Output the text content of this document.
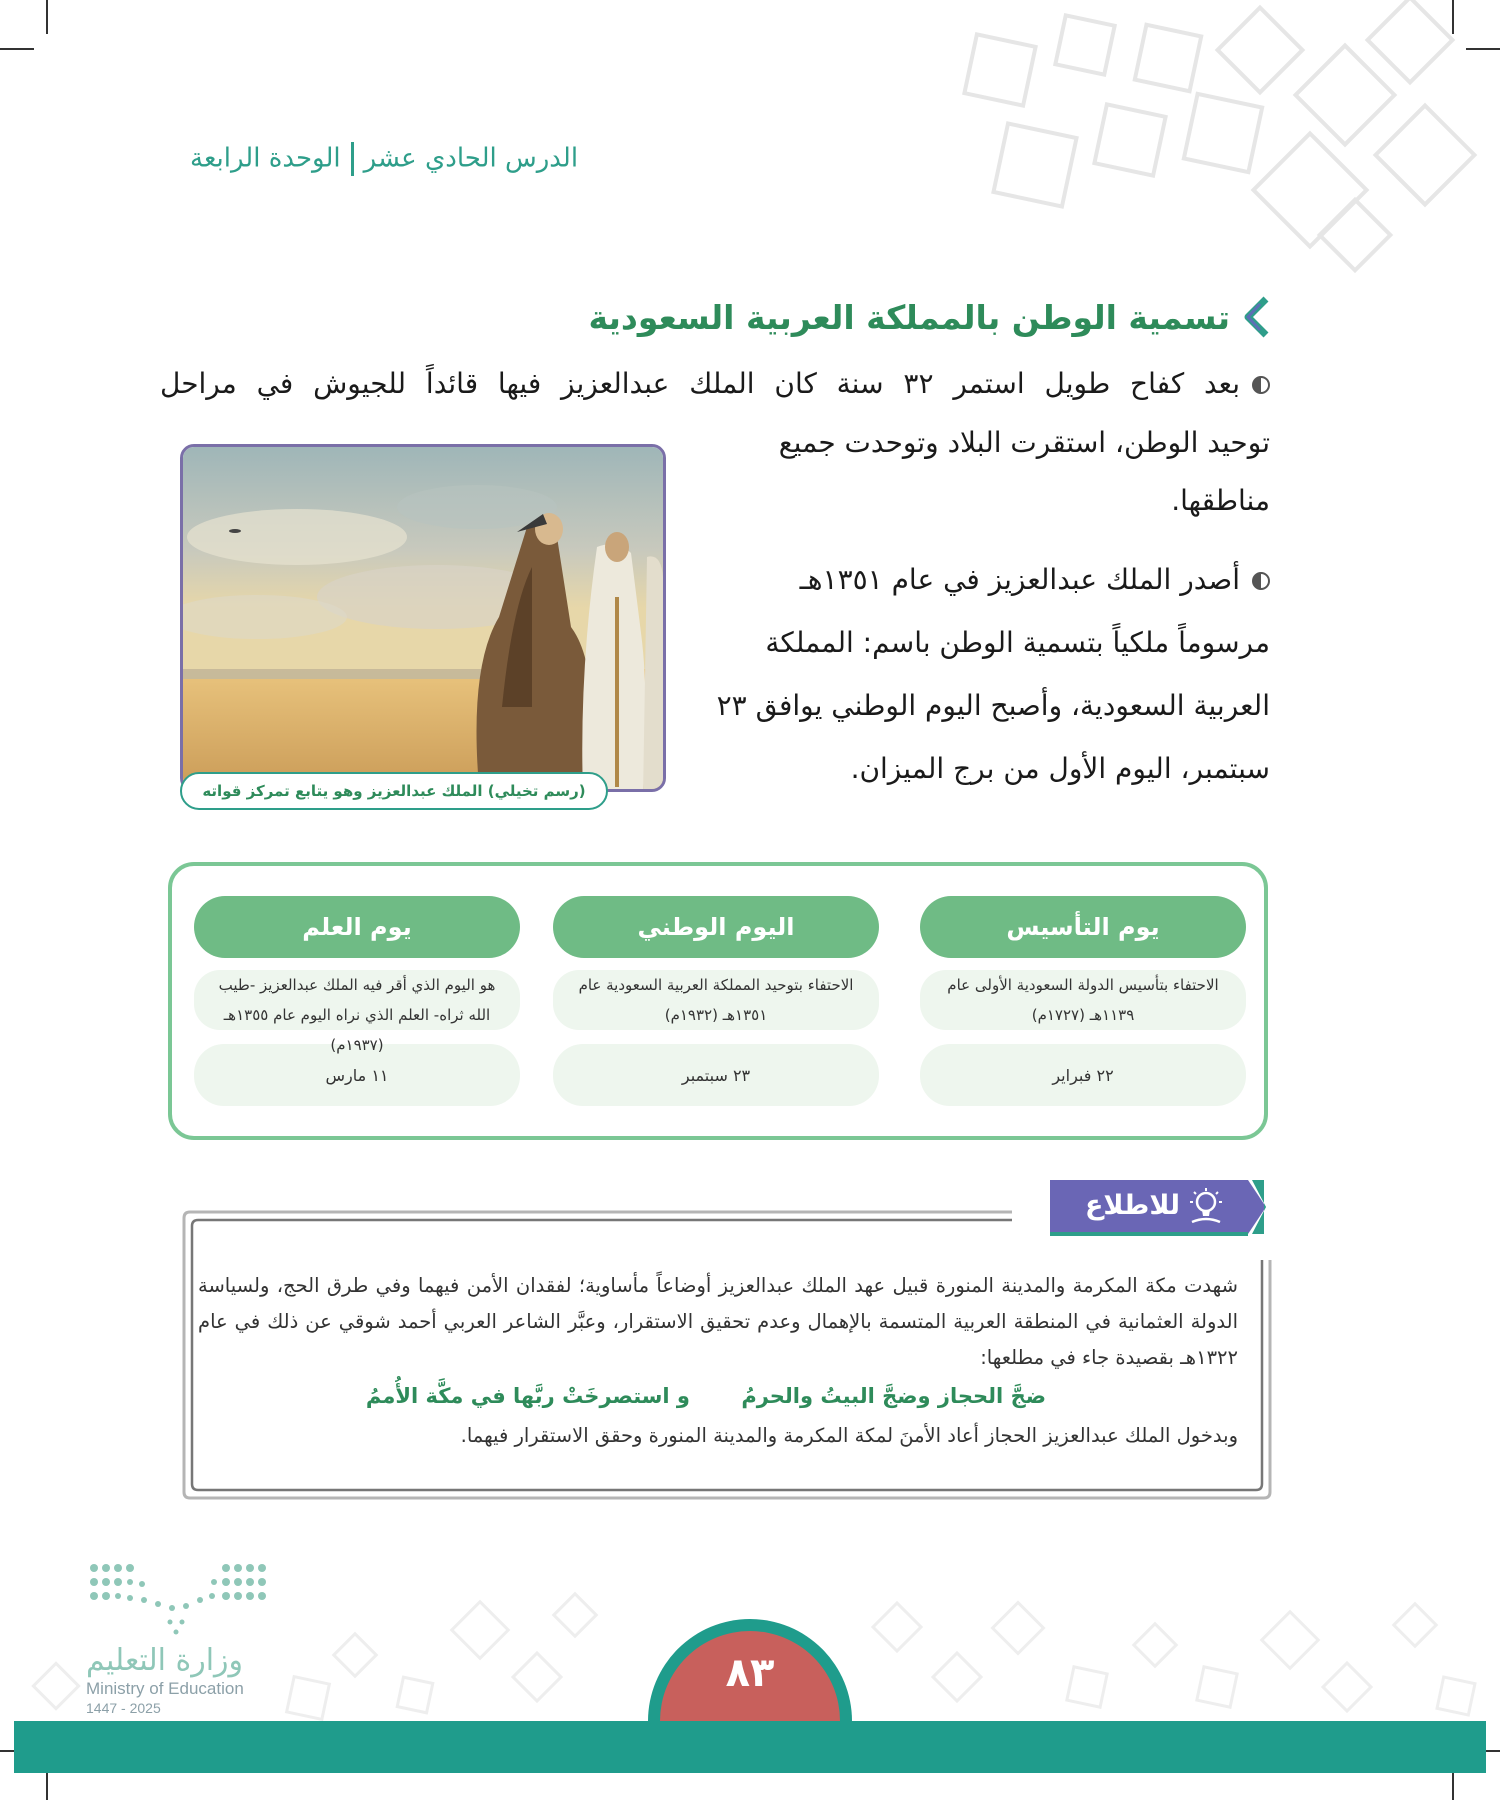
الدرس الحادي عشرالوحدة الرابعة
تسمية الوطن بالمملكة العربية السعودية
بعد كفاح طويل استمر ٣٢ سنة كان الملك عبدالعزيز فيها قائداً للجيوش في مراحل
توحيد الوطن، استقرت البلاد وتوحدت جميع مناطقها.
أصدر الملك عبدالعزيز في عام ١٣٥١هـ مرسوماً ملكياً بتسمية الوطن باسم: المملكة العربية السعودية، وأصبح اليوم الوطني يوافق ٢٣ سبتمبر، اليوم الأول من برج الميزان.
(رسم تخيلي) الملك عبدالعزيز وهو يتابع تمركز قواته
يوم التأسيس
الاحتفاء بتأسيس الدولة السعودية الأولى عام ١١٣٩هـ (١٧٢٧م)
٢٢ فبراير
اليوم الوطني
الاحتفاء بتوحيد المملكة العربية السعودية عام ١٣٥١هـ (١٩٣٢م)
٢٣ سبتمبر
يوم العلم
هو اليوم الذي أقر فيه الملك عبدالعزيز -طيب الله ثراه- العلم الذي نراه اليوم عام ١٣٥٥هـ (١٩٣٧م)
١١ مارس
للاطلاع
شهدت مكة المكرمة والمدينة المنورة قبيل عهد الملك عبدالعزيز أوضاعاً مأساوية؛ لفقدان الأمن فيهما وفي طرق الحج، ولسياسة الدولة العثمانية في المنطقة العربية المتسمة بالإهمال وعدم تحقيق الاستقرار، وعبَّر الشاعر العربي أحمد شوقي عن ذلك في عام ١٣٢٢هـ بقصيدة جاء في مطلعها:
ضجَّ الحجاز وضجَّ البيتُ والحرمُ
و استصرخَتْ ربَّها في مكَّة الأُممُ
وبدخول الملك عبدالعزيز الحجاز أعاد الأمنَ لمكة المكرمة والمدينة المنورة وحقق الاستقرار فيهما.
وزارة التعليم
Ministry of Education
2025 - 1447
٨٣
